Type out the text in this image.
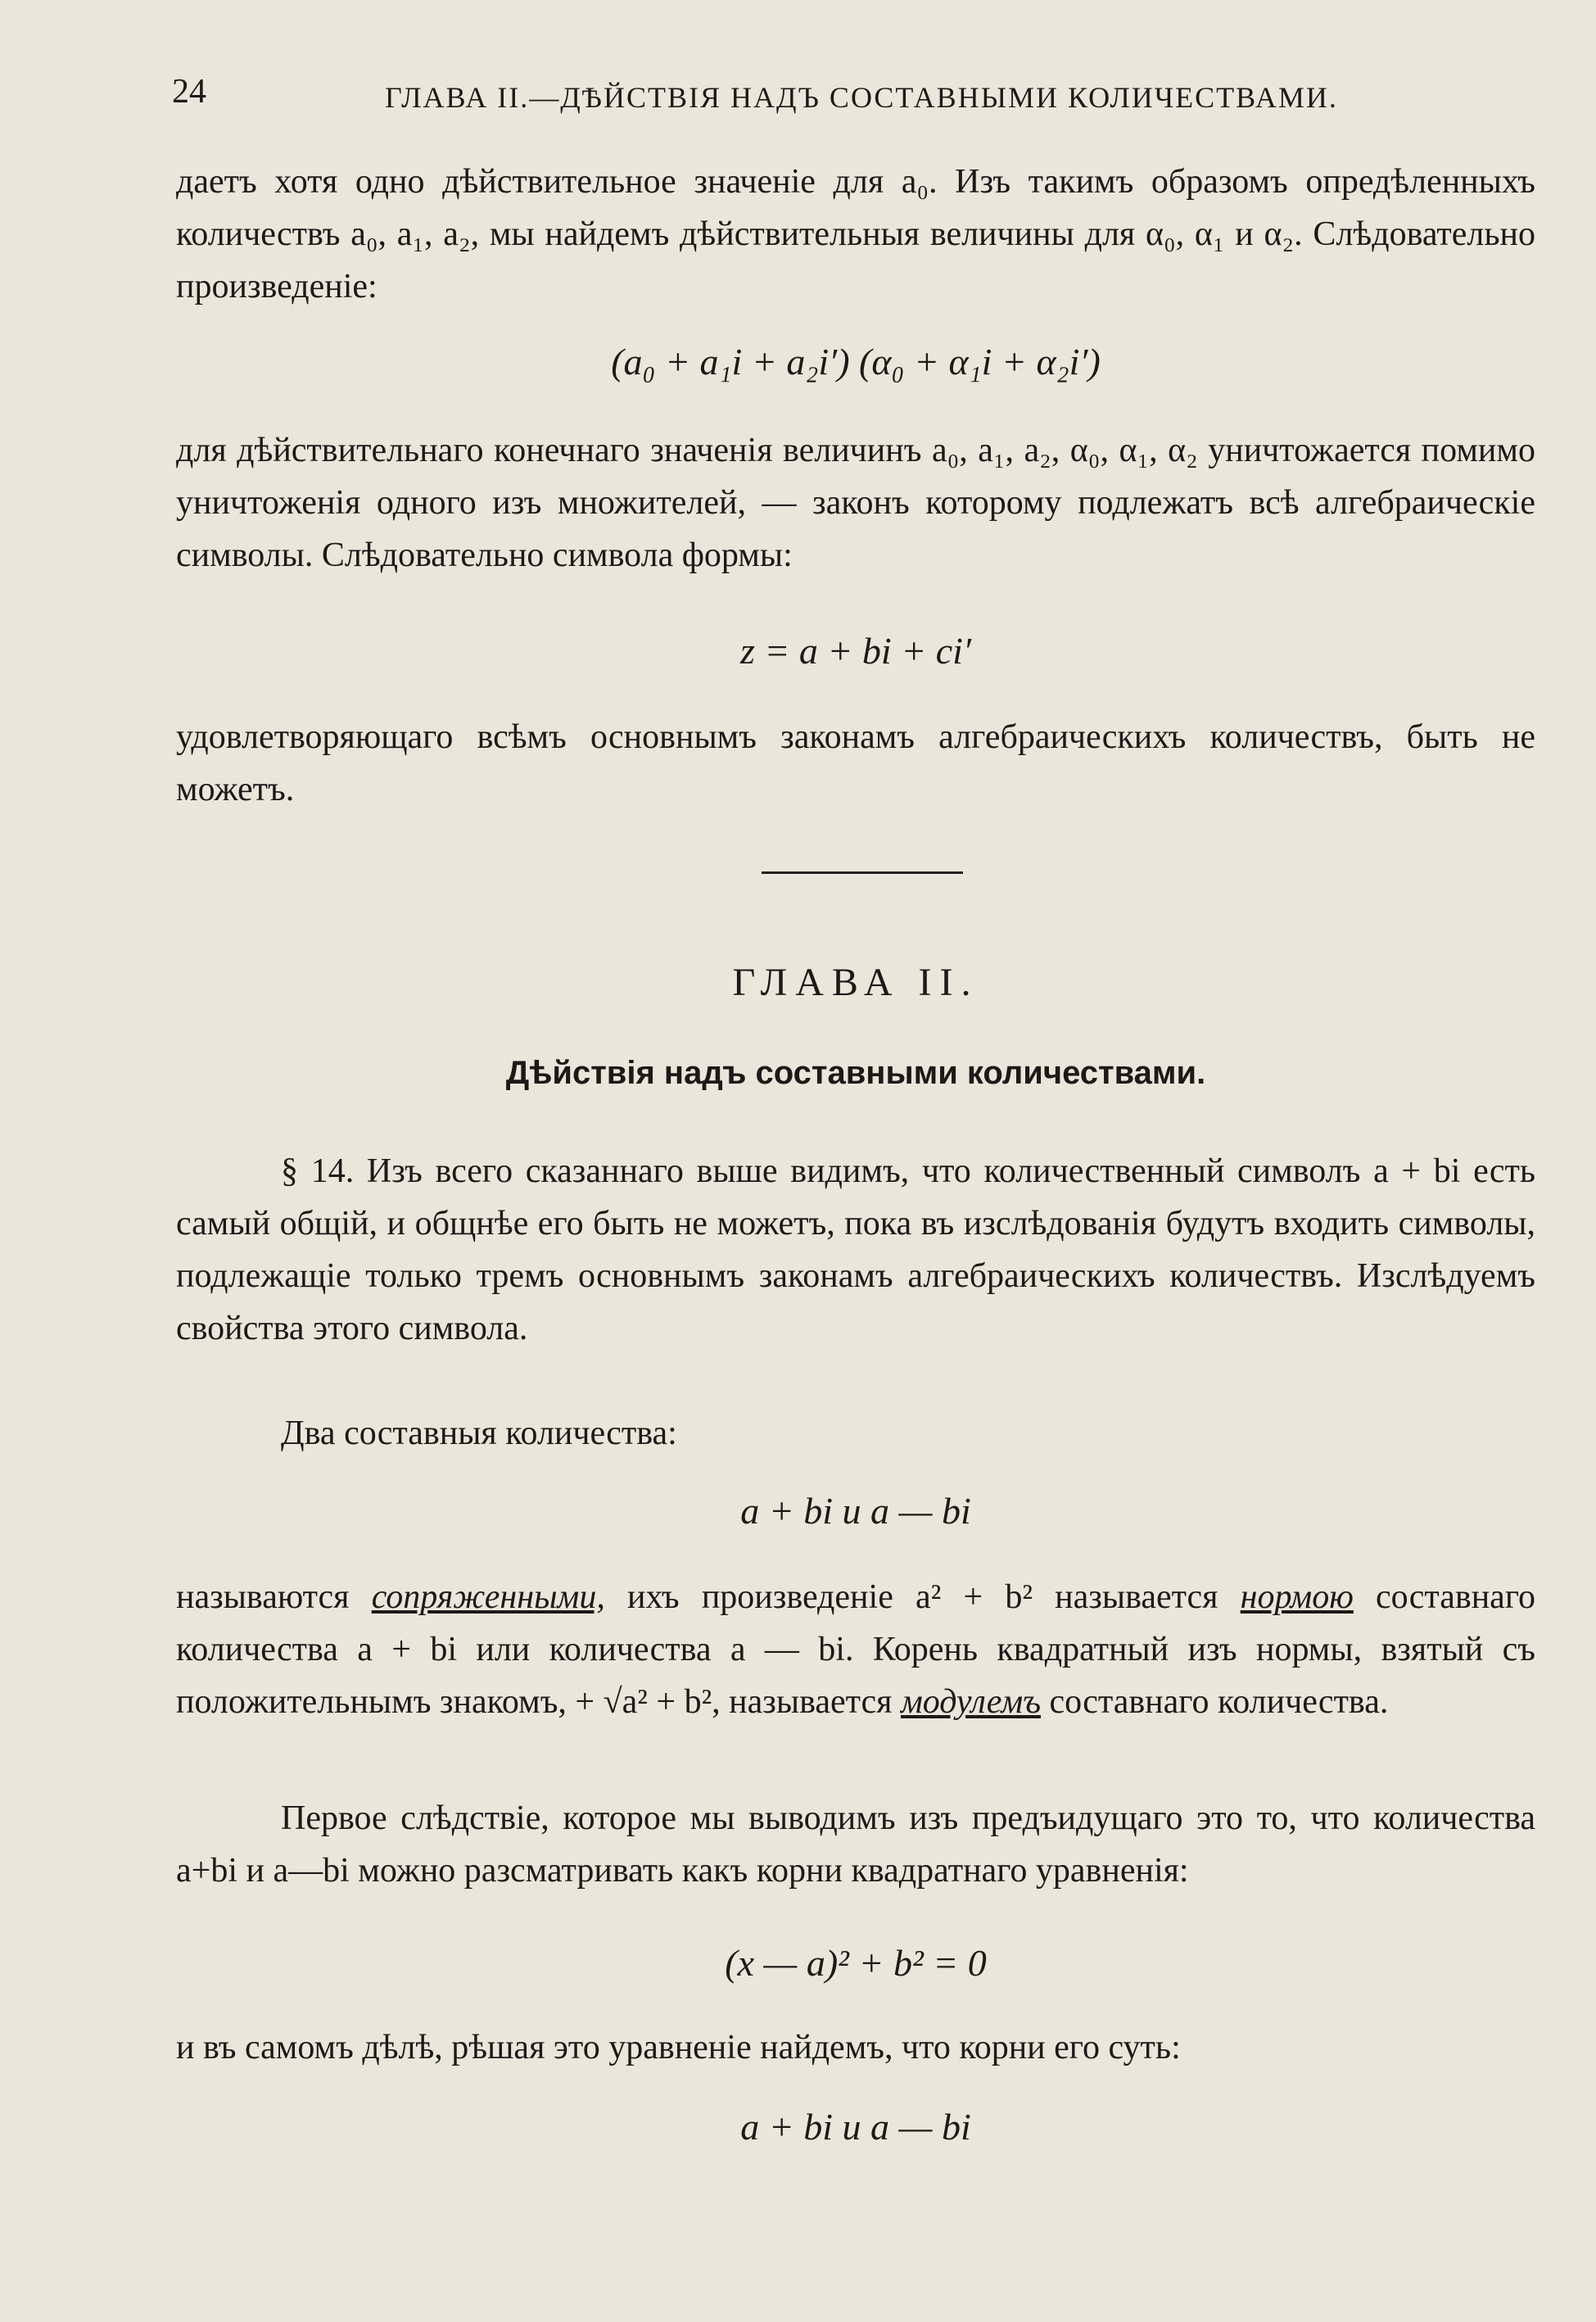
24	ГЛАВА II.—ДѢЙСТВІЯ НАДЪ СОСТАВНЫМИ КОЛИЧЕСТВАМИ.
даетъ хотя одно дѣйствительное значеніе для a₀. Изъ такимъ образомъ опредѣленныхъ количествъ a₀, a₁, a₂, мы найдемъ дѣйствительныя величины для α₀, α₁ и α₂. Слѣдовательно произведеніе:
(a₀ + a₁i + a₂i′) (α₀ + α₁i + α₂i′)
для дѣйствительнаго конечнаго значенія величинъ a₀, a₁, a₂, α₀, α₁, α₂ уничтожается помимо уничтоженія одного изъ множителей, — законъ которому подлежатъ всѣ алгебраическіе символы. Слѣдовательно символа формы:
z = a + bi + ci′
удовлетворяющаго всѣмъ основнымъ законамъ алгебраическихъ количествъ, быть не можетъ.
ГЛАВА II.
Дѣйствія надъ составными количествами.
§ 14. Изъ всего сказаннаго выше видимъ, что количественный символъ a + bi есть самый общій, и общнѣе его быть не можетъ, пока въ изслѣдованія будутъ входить символы, подлежащіе только тремъ основнымъ законамъ алгебраическихъ количествъ. Изслѣдуемъ свойства этого символа.
Два составныя количества:
a + bi и a — bi
называются сопряженными, ихъ произведеніе a² + b² называется нормою составнаго количества a + bi или количества a — bi. Корень квадратный изъ нормы, взятый съ положительнымъ знакомъ, + √a² + b², называется модулемъ составнаго количества.
Первое слѣдствіе, которое мы выводимъ изъ предъидущаго это то, что количества a+bi и a—bi можно разсматривать какъ корни квадратнаго уравненія:
(x — a)² + b² = 0
и въ самомъ дѣлѣ, рѣшая это уравненіе найдемъ, что корни его суть:
a + bi и a — bi
